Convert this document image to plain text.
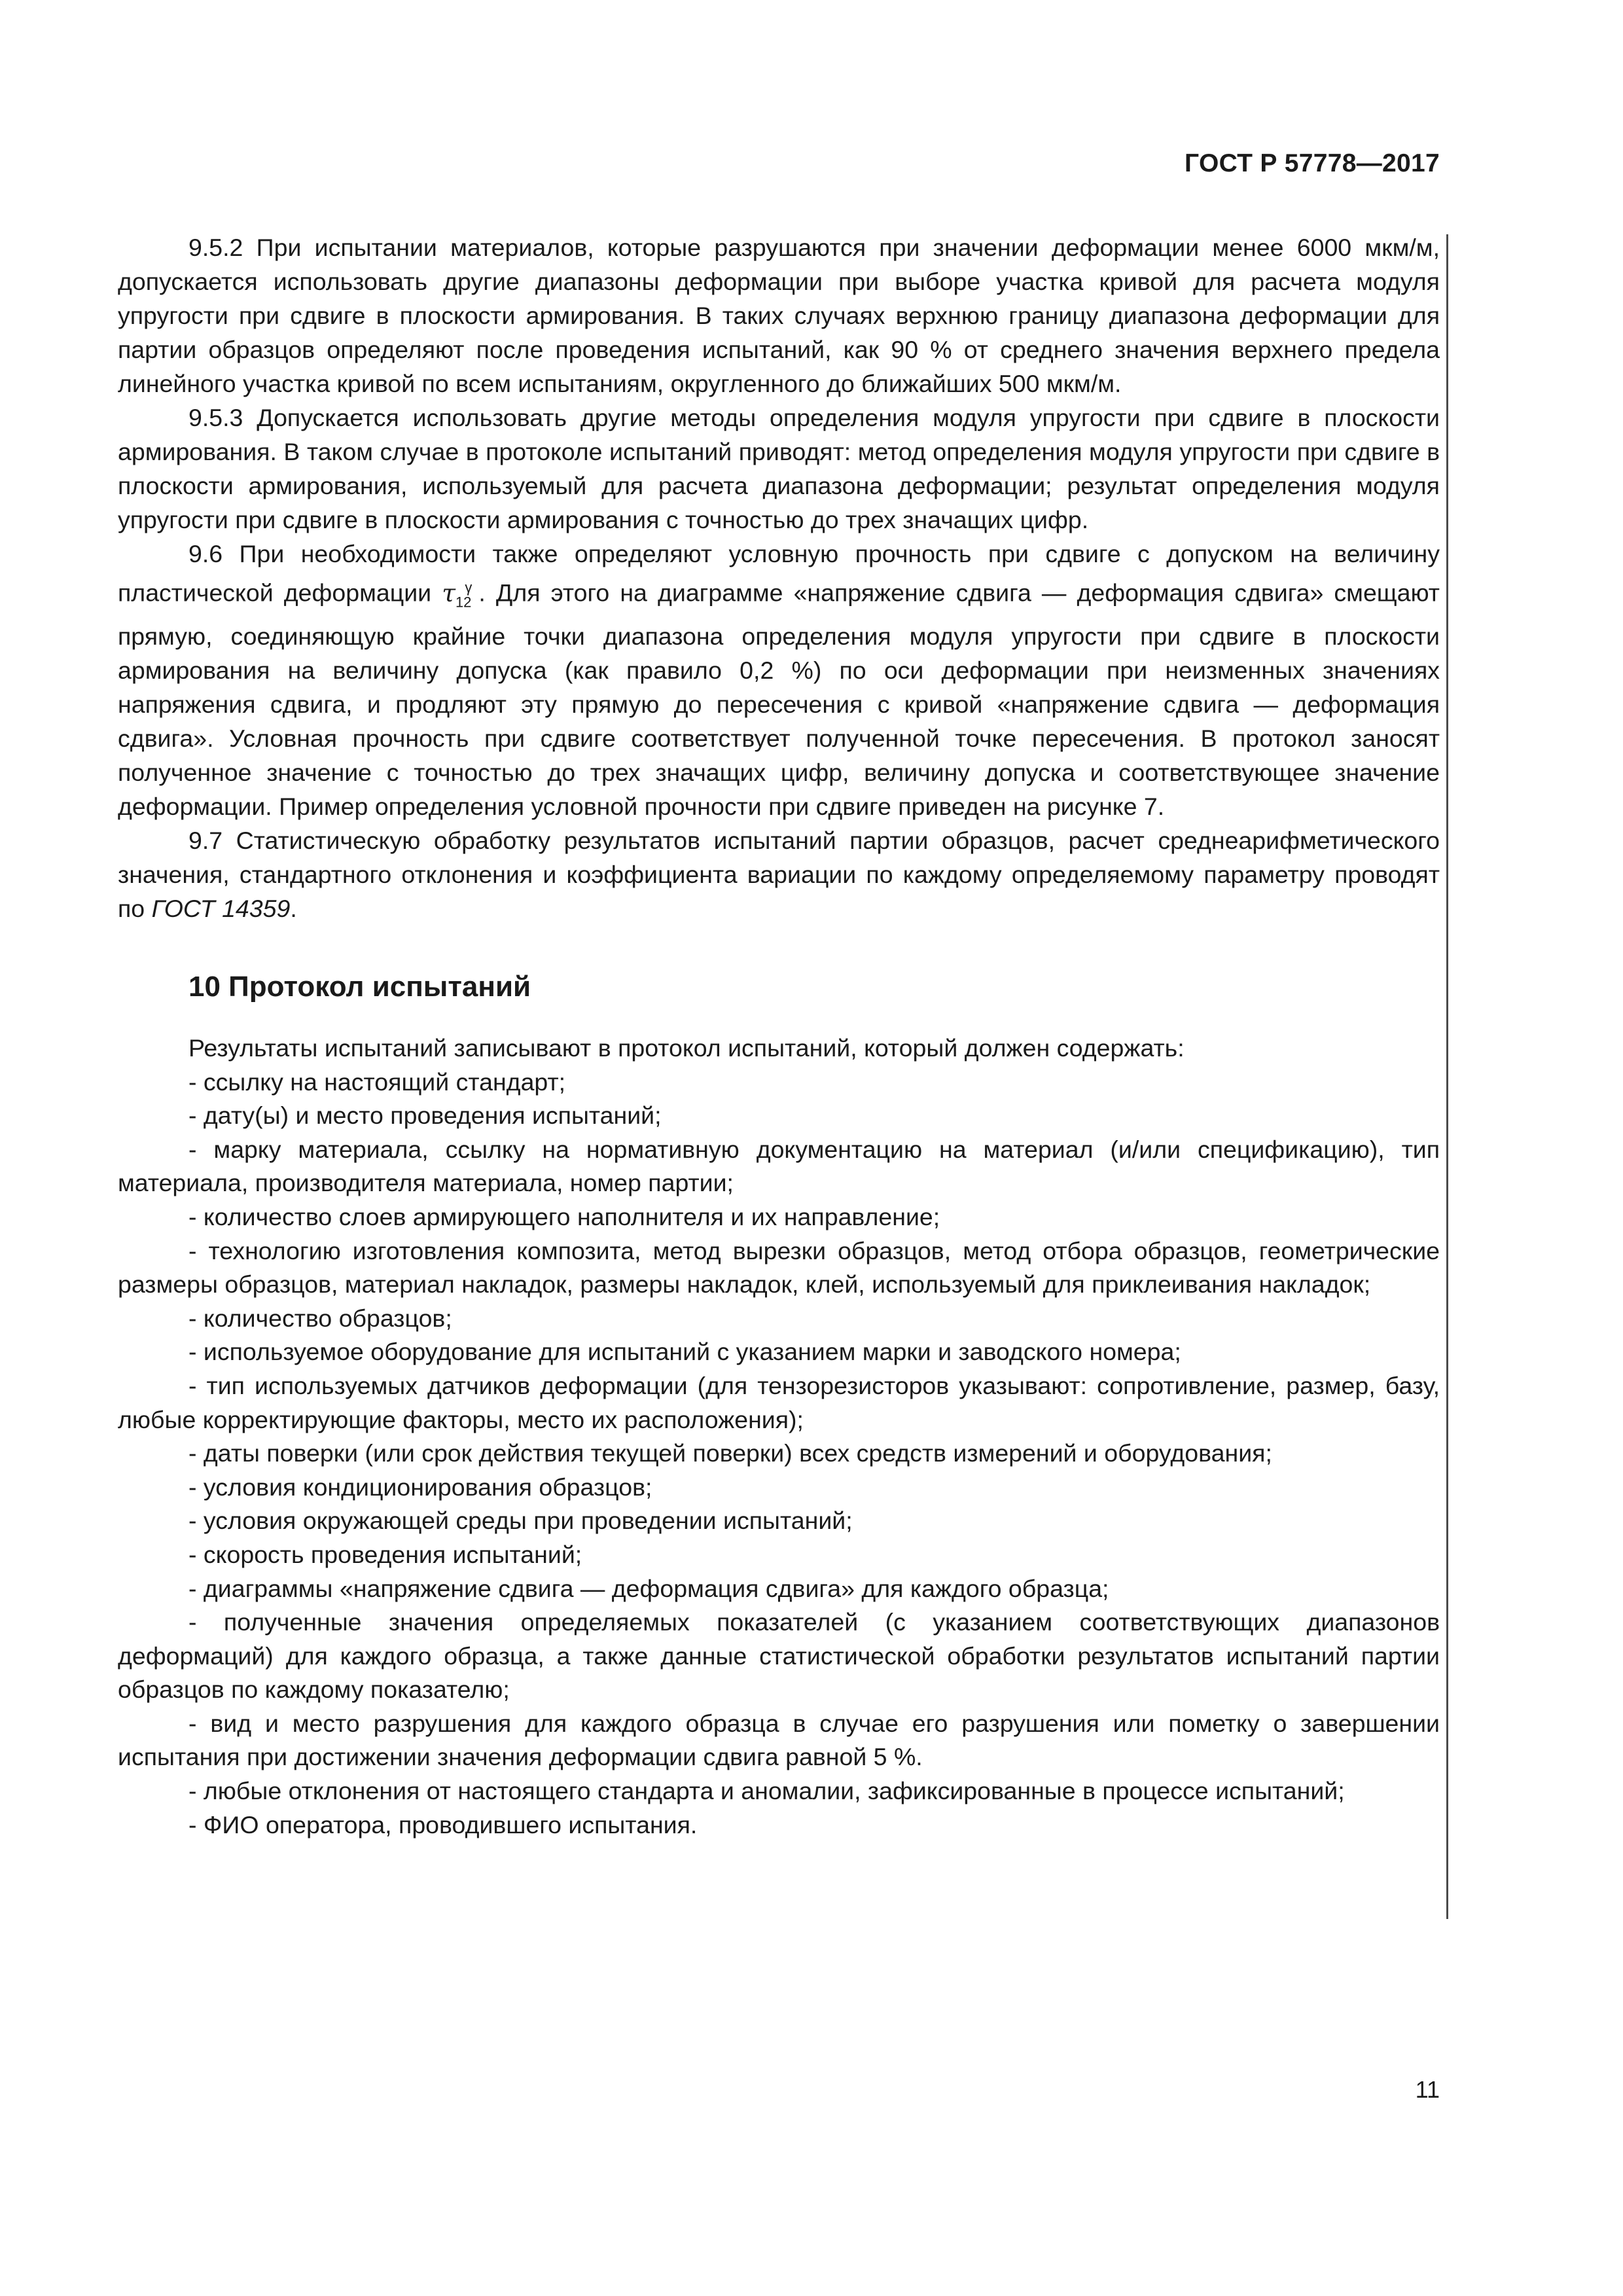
ГОСТ Р 57778—2017

9.5.2 При испытании материалов, которые разрушаются при значении деформации менее 6000 мкм/м, допускается использовать другие диапазоны деформации при выборе участка кривой для расчета модуля упругости при сдвиге в плоскости армирования. В таких случаях верхнюю границу диапазона деформации для партии образцов определяют после проведения испытаний, как 90 % от среднего значения верхнего предела линейного участка кривой по всем испытаниям, округленного до ближайших 500 мкм/м.

9.5.3 Допускается использовать другие методы определения модуля упругости при сдвиге в плоскости армирования. В таком случае в протоколе испытаний приводят: метод определения модуля упругости при сдвиге в плоскости армирования, используемый для расчета диапазона деформации; результат определения модуля упругости при сдвиге в плоскости армирования с точностью до трех значащих цифр.

9.6 При необходимости также определяют условную прочность при сдвиге с допуском на величину пластической деформации $\tau_{12}^\gamma$ . Для этого на диаграмме «напряжение сдвига — деформация сдвига» смещают прямую, соединяющую крайние точки диапазона определения модуля упругости при сдвиге в плоскости армирования на величину допуска (как правило 0,2 %) по оси деформации при неизменных значениях напряжения сдвига, и продляют эту прямую до пересечения с кривой «напряжение сдвига — деформация сдвига». Условная прочность при сдвиге соответствует полученной точке пересечения. В протокол заносят полученное значение с точностью до трех значащих цифр, величину допуска и соответствующее значение деформации. Пример определения условной прочности при сдвиге приведен на рисунке 7.

9.7 Статистическую обработку результатов испытаний партии образцов, расчет среднеарифметического значения, стандартного отклонения и коэффициента вариации по каждому определяемому параметру проводят по ГОСТ 14359.

10 Протокол испытаний

Результаты испытаний записывают в протокол испытаний, который должен содержать:

- ссылку на настоящий стандарт;

- дату(ы) и место проведения испытаний;

- марку материала, ссылку на нормативную документацию на материал (и/или спецификацию), тип материала, производителя материала, номер партии;

- количество слоев армирующего наполнителя и их направление;

- технологию изготовления композита, метод вырезки образцов, метод отбора образцов, геометрические размеры образцов, материал накладок, размеры накладок, клей, используемый для приклеивания накладок;

- количество образцов;

- используемое оборудование для испытаний с указанием марки и заводского номера;

- тип используемых датчиков деформации (для тензорезисторов указывают: сопротивление, размер, базу, любые корректирующие факторы, место их расположения);

- даты поверки (или срок действия текущей поверки) всех средств измерений и оборудования;

- условия кондиционирования образцов;

- условия окружающей среды при проведении испытаний;

- скорость проведения испытаний;

- диаграммы «напряжение сдвига — деформация сдвига» для каждого образца;

- полученные значения определяемых показателей (с указанием соответствующих диапазонов деформаций) для каждого образца, а также данные статистической обработки результатов испытаний партии образцов по каждому показателю;

- вид и место разрушения для каждого образца в случае его разрушения или пометку о завершении испытания при достижении значения деформации сдвига равной 5 %.

- любые отклонения от настоящего стандарта и аномалии, зафиксированные в процессе испытаний;

- ФИО оператора, проводившего испытания.

11
